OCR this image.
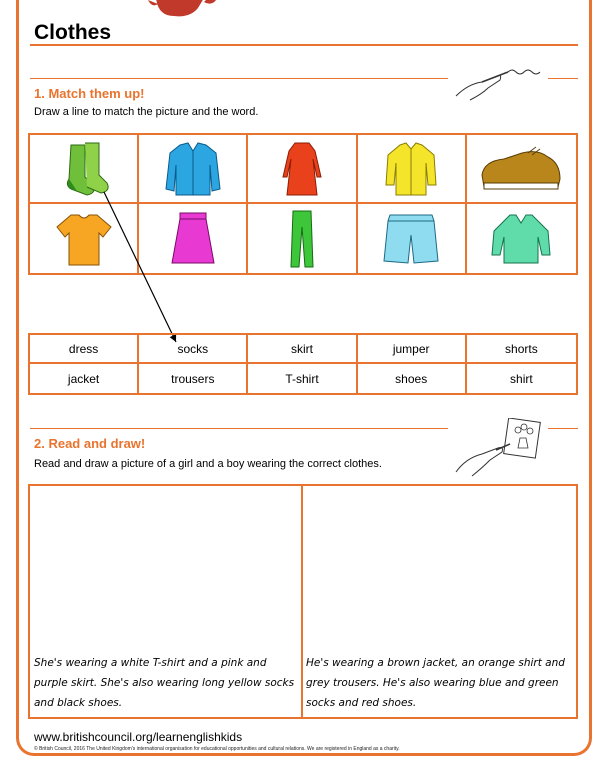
Clothes
1. Match them up!
Draw a line to match the picture and the word.
dress	socks	skirt	jumper	shorts
jacket	trousers	T-shirt	shoes	shirt
2. Read and draw!
Read and draw a picture of a girl and a boy wearing the correct clothes.
She's wearing a white T-shirt and a pink and purple skirt. She's also wearing long yellow socks and black shoes.
He's wearing a brown jacket, an orange shirt and grey trousers. He's also wearing blue and green socks and red shoes.
www.britishcouncil.org/learnenglishkids
© British Council, 2016 The United Kingdom's international organisation for educational opportunities and cultural relations. We are registered in England as a charity.
